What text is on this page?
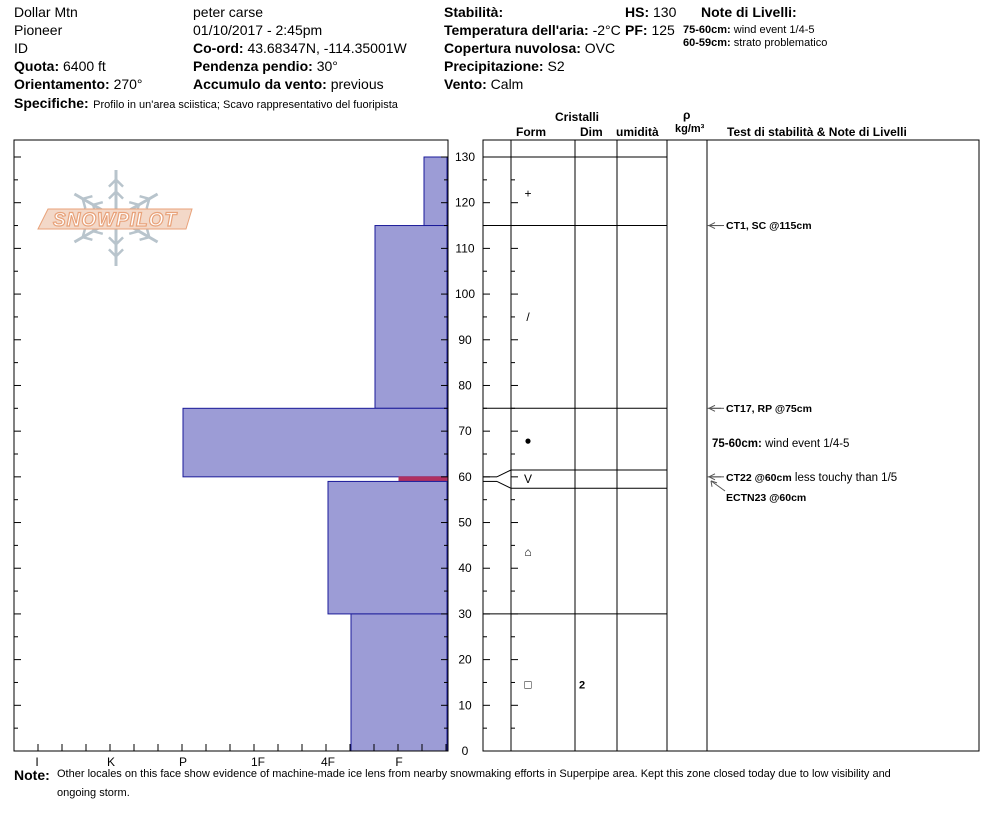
Dollar Mtn
Pioneer
ID
Quota: 6400 ft
Orientamento: 270°
Specifiche: Profilo in un'area sciistica; Scavo rappresentativo del fuoripista
peter carse
01/10/2017 - 2:45pm
Co-ord: 43.68347N, -114.35001W
Pendenza pendio: 30°
Accumulo da vento: previous
Stabilità:
Temperatura dell'aria: -2°C
Copertura nuvolosa: OVC
Precipitazione: S2
Vento: Calm
HS: 130
PF: 125
Note di Livelli:
75-60cm: wind event 1/4-5
60-59cm: strato problematico
Cristalli
Form	Dim umidità
ρ
kg/m³ Test di stabilità & Note di Livelli
SNOWPILOT
0
10
20
30
40
50
60
70
80
90
100
110
120
130
I	K	P	1F	4F	F
+
/
●
V
⌂
□	2
CT1, SC @115cm
CT17, RP @75cm
CT22 @60cm less touchy than 1/5
ECTN23 @60cm
75-60cm: wind event 1/4-5
Note: Other locales on this face show evidence of machine-made ice lens from nearby snowmaking efforts in Superpipe area. Kept this zone closed today due to low visibility and
ongoing storm.
